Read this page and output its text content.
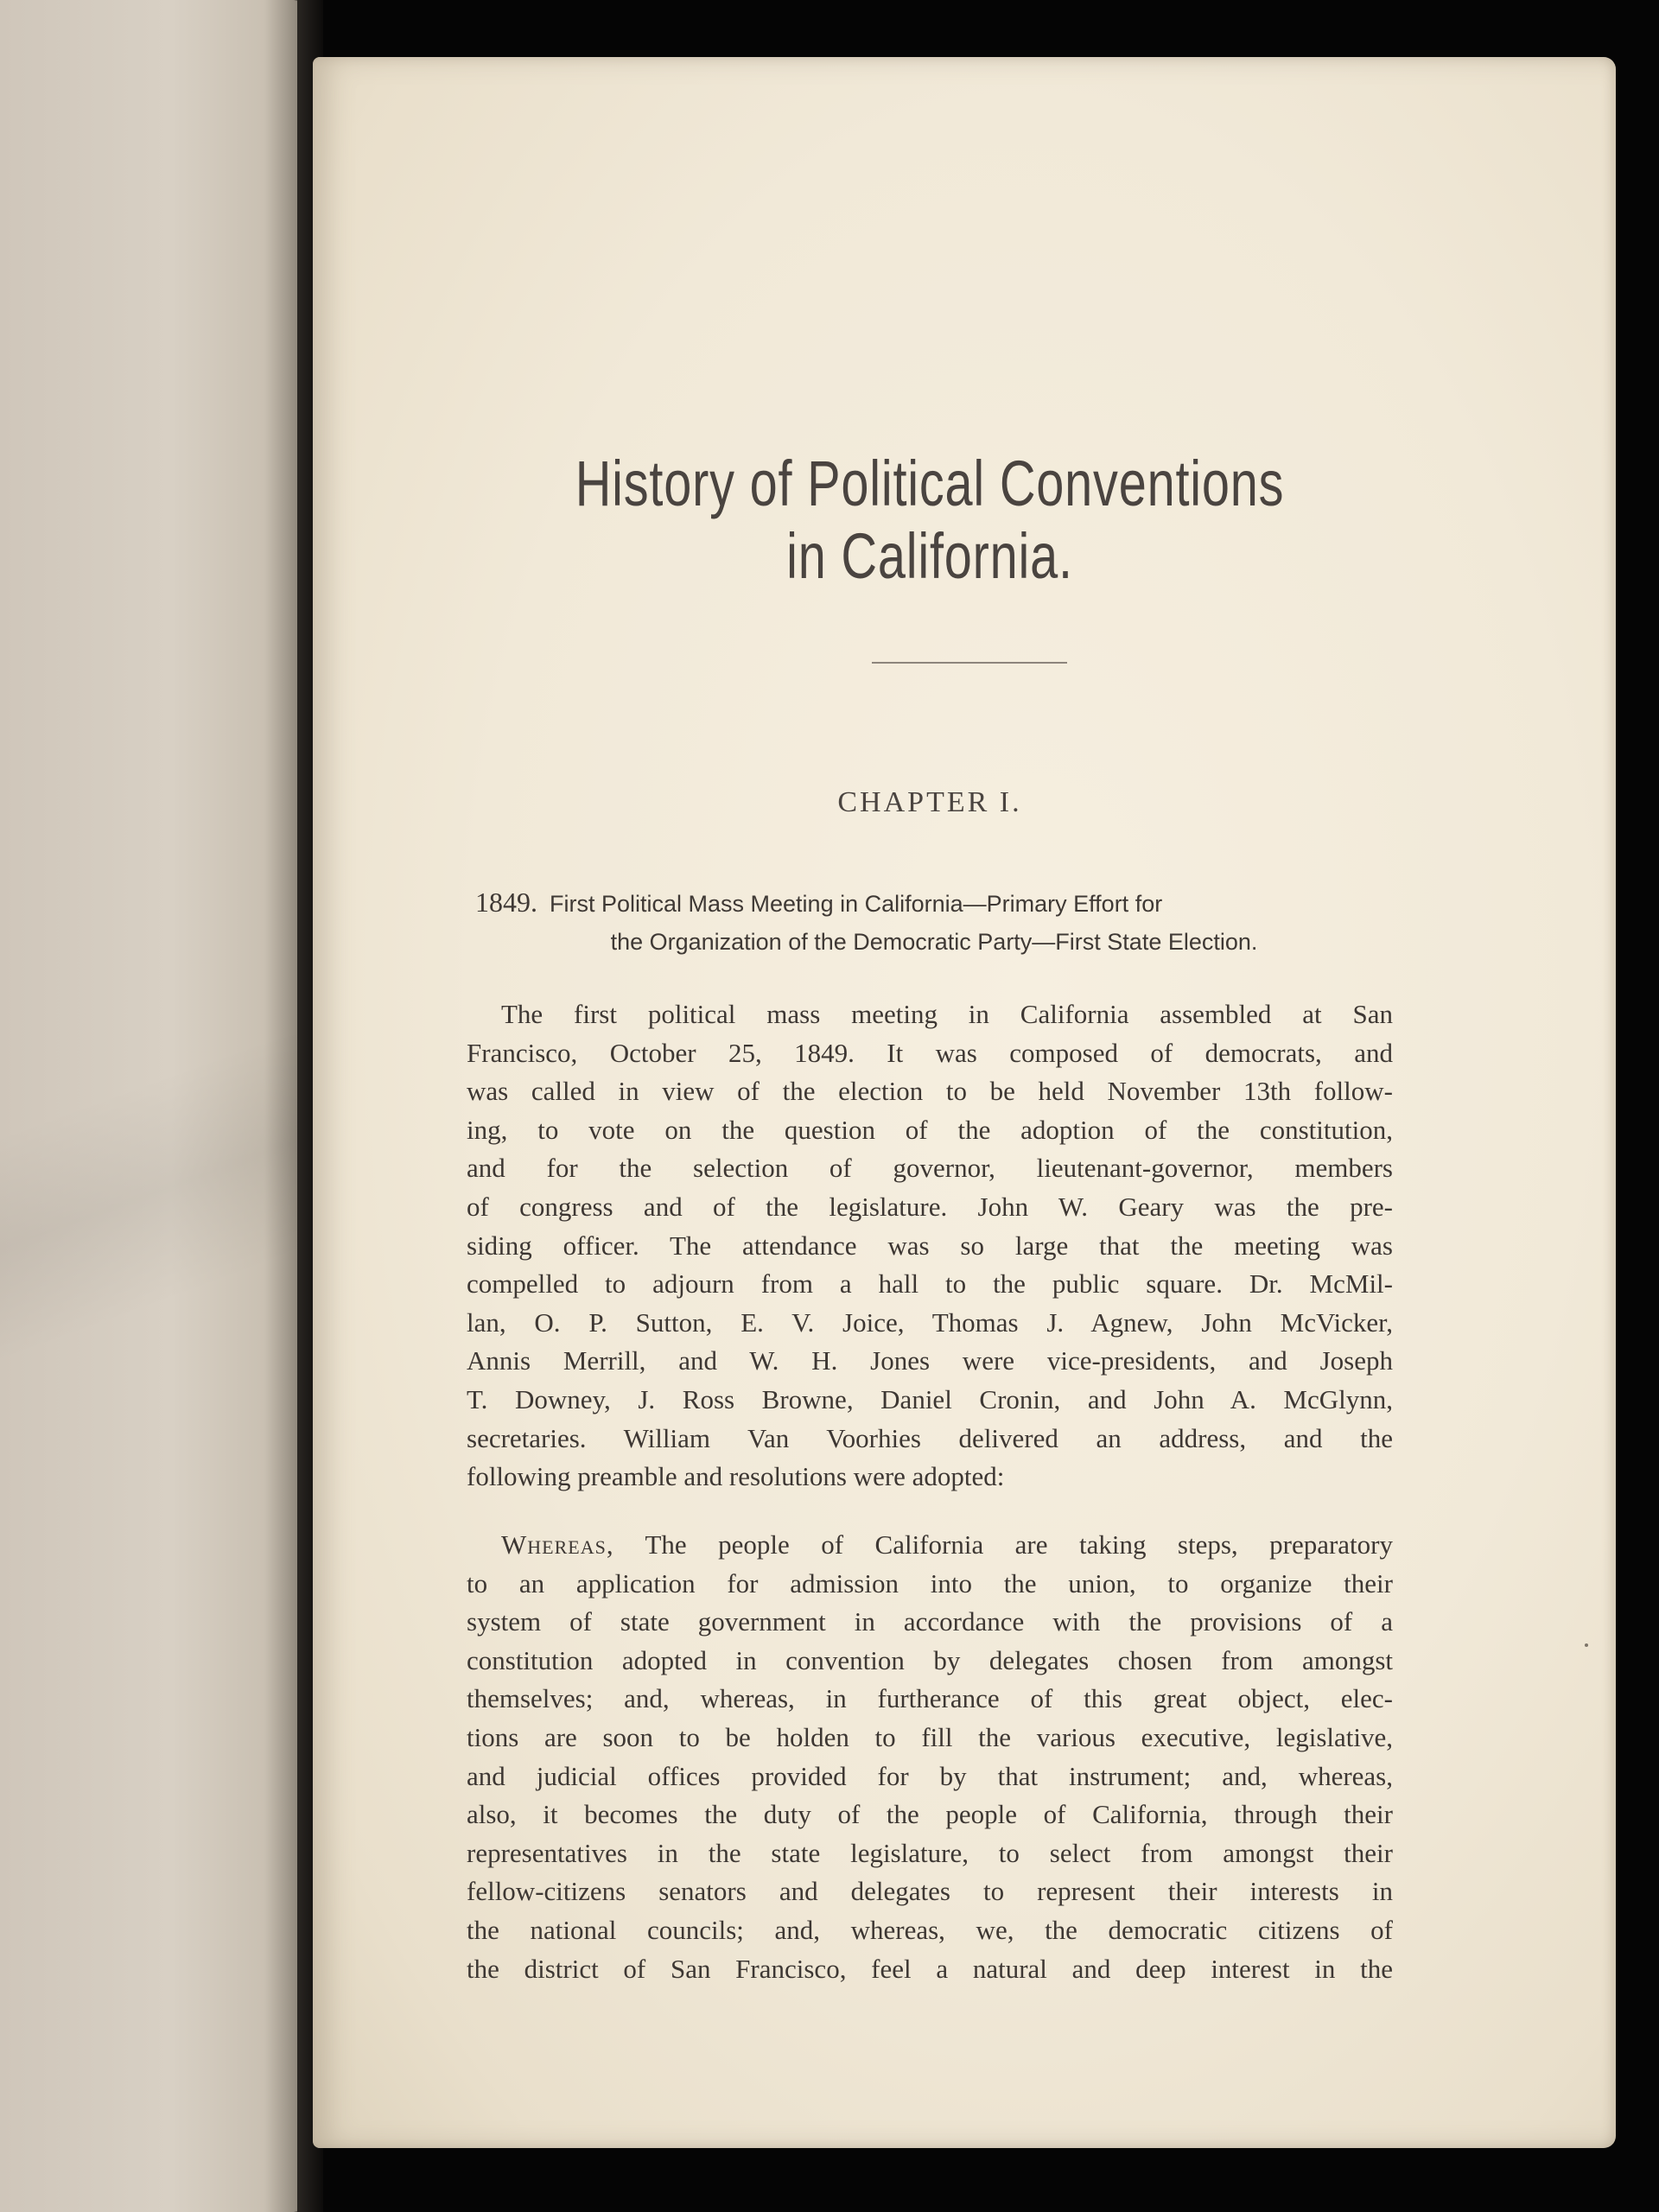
History of Political Conventions
in California.
CHAPTER I.
1849. First Political Mass Meeting in California—Primary Effort for
the Organization of the Democratic Party—First State Election.
The first political mass meeting in California assembled at San
Francisco, October 25, 1849. It was composed of democrats, and
was called in view of the election to be held November 13th follow-
ing, to vote on the question of the adoption of the constitution,
and for the selection of governor, lieutenant-governor, members
of congress and of the legislature. John W. Geary was the pre-
siding officer. The attendance was so large that the meeting was
compelled to adjourn from a hall to the public square. Dr. McMil-
lan, O. P. Sutton, E. V. Joice, Thomas J. Agnew, John McVicker,
Annis Merrill, and W. H. Jones were vice-presidents, and Joseph
T. Downey, J. Ross Browne, Daniel Cronin, and John A. McGlynn,
secretaries. William Van Voorhies delivered an address, and the
following preamble and resolutions were adopted:
Whereas, The people of California are taking steps, preparatory
to an application for admission into the union, to organize their
system of state government in accordance with the provisions of a
constitution adopted in convention by delegates chosen from amongst
themselves; and, whereas, in furtherance of this great object, elec-
tions are soon to be holden to fill the various executive, legislative,
and judicial offices provided for by that instrument; and, whereas,
also, it becomes the duty of the people of California, through their
representatives in the state legislature, to select from amongst their
fellow-citizens senators and delegates to represent their interests in
the national councils; and, whereas, we, the democratic citizens of
the district of San Francisco, feel a natural and deep interest in the
